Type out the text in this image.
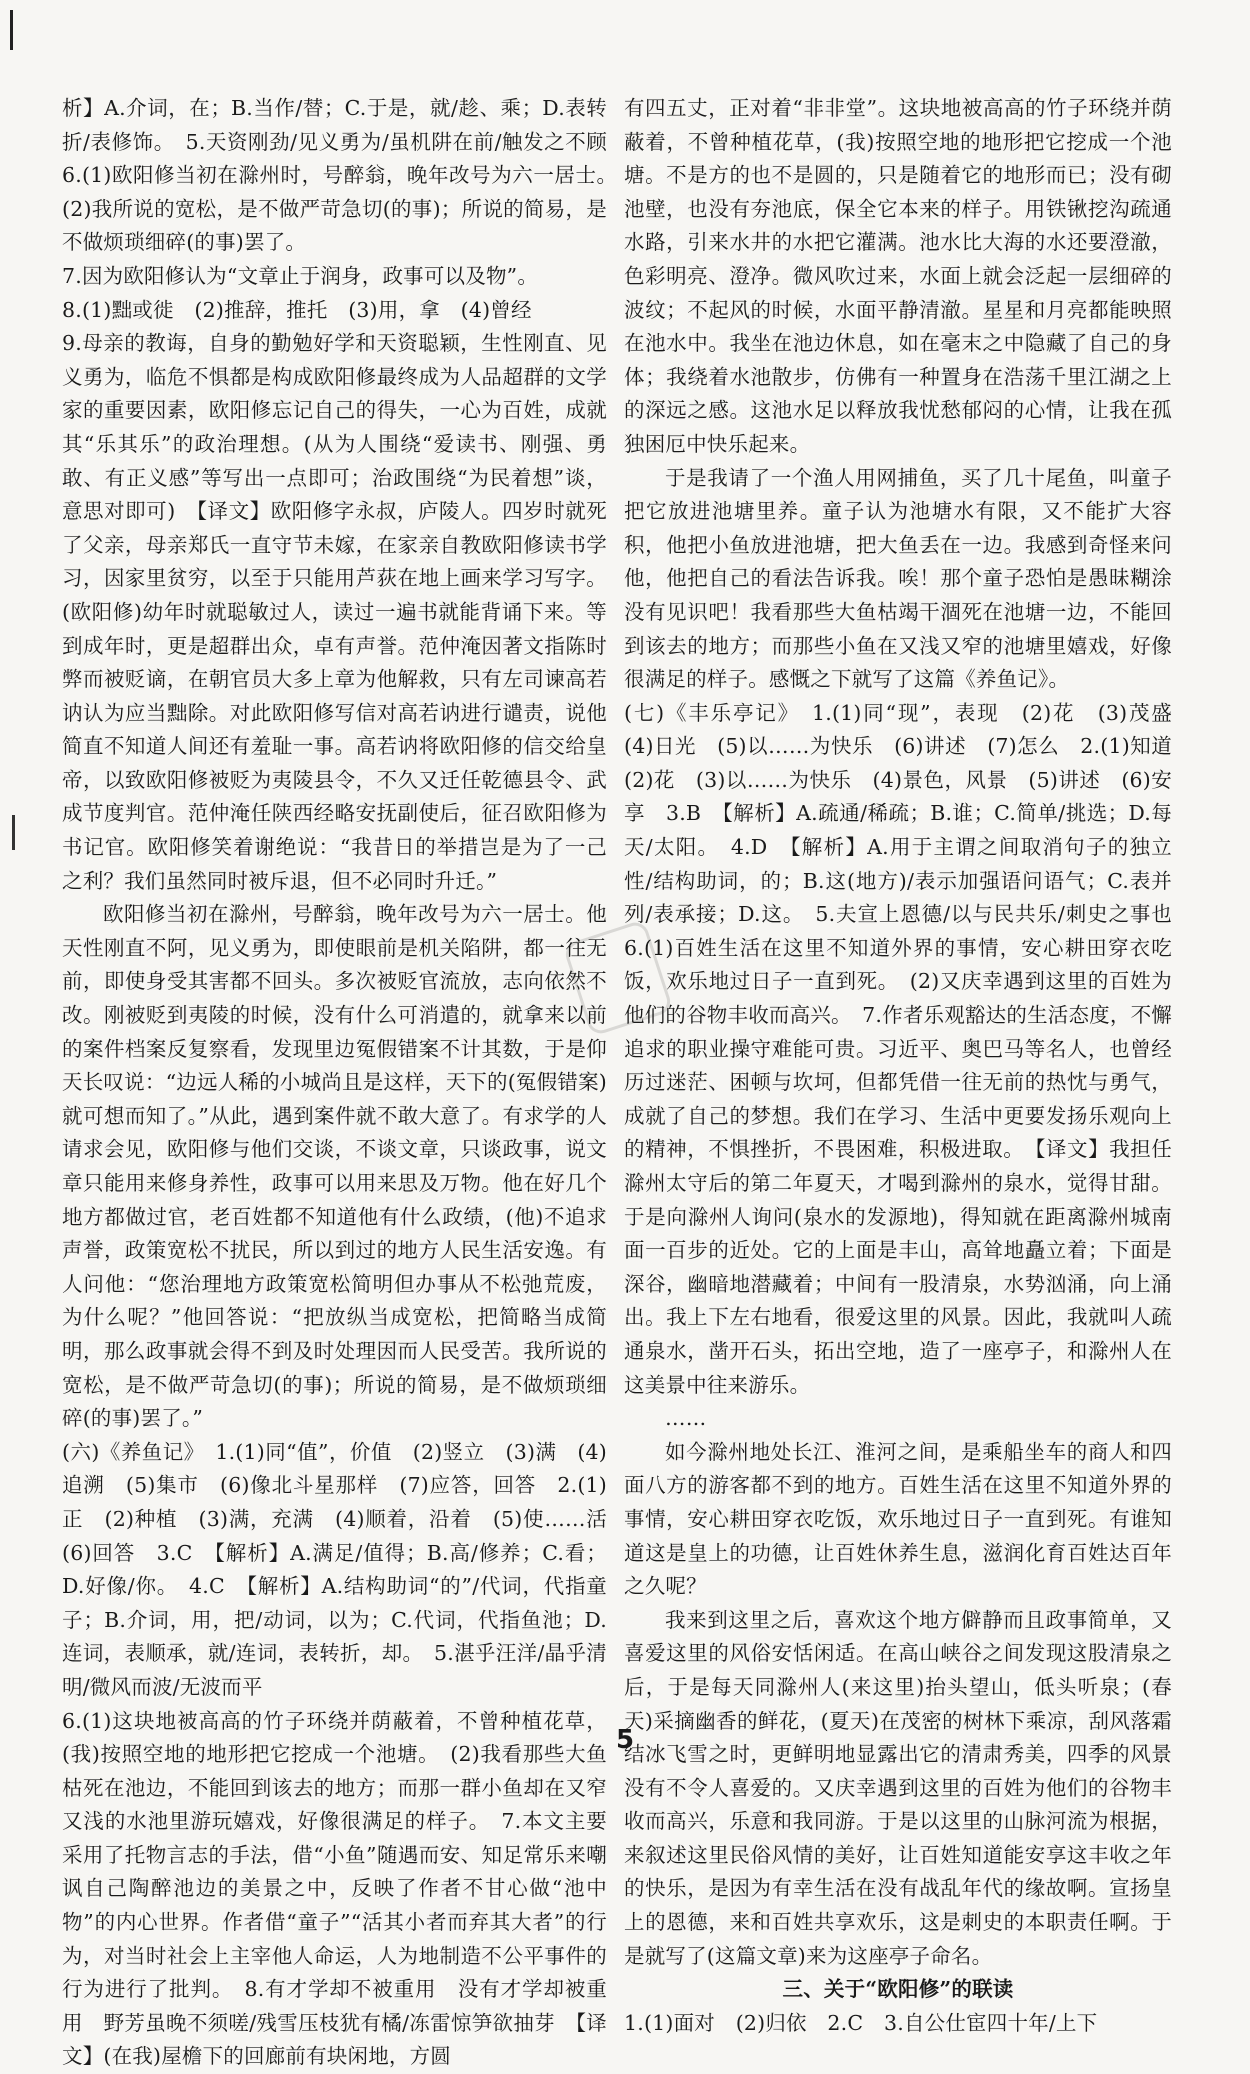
析】A.介词，在；B.当作/替；C.于是，就/趁、乘；D.表转折/表修饰。　5.天资刚劲/见义勇为/虽机阱在前/触发之不顾　6.(1)欧阳修当初在滁州时，号醉翁，晚年改号为六一居士。　(2)我所说的宽松，是不做严苛急切(的事)；所说的简易，是不做烦琐细碎(的事)罢了。

7.因为欧阳修认为“文章止于润身，政事可以及物”。

8.(1)黜或徙　(2)推辞，推托　(3)用，拿　(4)曾经

9.母亲的教诲，自身的勤勉好学和天资聪颖，生性刚直、见义勇为，临危不惧都是构成欧阳修最终成为人品超群的文学家的重要因素，欧阳修忘记自己的得失，一心为百姓，成就其“乐其乐”的政治理想。(从为人围绕“爱读书、刚强、勇敢、有正义感”等写出一点即可；治政围绕“为民着想”谈，意思对即可)　【译文】欧阳修字永叔，庐陵人。四岁时就死了父亲，母亲郑氏一直守节未嫁，在家亲自教欧阳修读书学习，因家里贫穷，以至于只能用芦荻在地上画来学习写字。(欧阳修)幼年时就聪敏过人，读过一遍书就能背诵下来。等到成年时，更是超群出众，卓有声誉。范仲淹因著文指陈时弊而被贬谪，在朝官员大多上章为他解救，只有左司谏高若讷认为应当黜除。对此欧阳修写信对高若讷进行谴责，说他简直不知道人间还有羞耻一事。高若讷将欧阳修的信交给皇帝，以致欧阳修被贬为夷陵县令，不久又迁任乾德县令、武成节度判官。范仲淹任陕西经略安抚副使后，征召欧阳修为书记官。欧阳修笑着谢绝说：“我昔日的举措岂是为了一己之利？我们虽然同时被斥退，但不必同时升迁。”

欧阳修当初在滁州，号醉翁，晚年改号为六一居士。他天性刚直不阿，见义勇为，即使眼前是机关陷阱，都一往无前，即使身受其害都不回头。多次被贬官流放，志向依然不改。刚被贬到夷陵的时候，没有什么可消遣的，就拿来以前的案件档案反复察看，发现里边冤假错案不计其数，于是仰天长叹说：“边远人稀的小城尚且是这样，天下的(冤假错案)就可想而知了。”从此，遇到案件就不敢大意了。有求学的人请求会见，欧阳修与他们交谈，不谈文章，只谈政事，说文章只能用来修身养性，政事可以用来思及万物。他在好几个地方都做过官，老百姓都不知道他有什么政绩，(他)不追求声誉，政策宽松不扰民，所以到过的地方人民生活安逸。有人问他：“您治理地方政策宽松简明但办事从不松弛荒废，为什么呢？”他回答说：“把放纵当成宽松，把简略当成简明，那么政事就会得不到及时处理因而人民受苦。我所说的宽松，是不做严苛急切(的事)；所说的简易，是不做烦琐细碎(的事)罢了。”

(六)《养鱼记》　1.(1)同“值”，价值　(2)竖立　(3)满　(4)追溯　(5)集市　(6)像北斗星那样　(7)应答，回答　2.(1)正　(2)种植　(3)满，充满　(4)顺着，沿着　(5)使……活　(6)回答　3.C　【解析】A.满足/值得；B.高/修养；C.看；D.好像/你。　4.C　【解析】A.结构助词“的”/代词，代指童子；B.介词，用，把/动词，以为；C.代词，代指鱼池；D.连词，表顺承，就/连词，表转折，却。　5.湛乎汪洋/晶乎清明/微风而波/无波而平

6.(1)这块地被高高的竹子环绕并荫蔽着，不曾种植花草，(我)按照空地的地形把它挖成一个池塘。　(2)我看那些大鱼枯死在池边，不能回到该去的地方；而那一群小鱼却在又窄又浅的水池里游玩嬉戏，好像很满足的样子。　7.本文主要采用了托物言志的手法，借“小鱼”随遇而安、知足常乐来嘲讽自己陶醉池边的美景之中，反映了作者不甘心做“池中物”的内心世界。作者借“童子”“活其小者而弃其大者”的行为，对当时社会上主宰他人命运，人为地制造不公平事件的行为进行了批判。　8.有才学却不被重用　没有才学却被重用　野芳虽晚不须嗟/残雪压枝犹有橘/冻雷惊笋欲抽芽　【译文】(在我)屋檐下的回廊前有块闲地，方圆

有四五丈，正对着“非非堂”。这块地被高高的竹子环绕并荫蔽着，不曾种植花草，(我)按照空地的地形把它挖成一个池塘。不是方的也不是圆的，只是随着它的地形而已；没有砌池壁，也没有夯池底，保全它本来的样子。用铁锹挖沟疏通水路，引来水井的水把它灌满。池水比大海的水还要澄澈，色彩明亮、澄净。微风吹过来，水面上就会泛起一层细碎的波纹；不起风的时候，水面平静清澈。星星和月亮都能映照在池水中。我坐在池边休息，如在毫末之中隐藏了自己的身体；我绕着水池散步，仿佛有一种置身在浩荡千里江湖之上的深远之感。这池水足以释放我忧愁郁闷的心情，让我在孤独困厄中快乐起来。

于是我请了一个渔人用网捕鱼，买了几十尾鱼，叫童子把它放进池塘里养。童子认为池塘水有限，又不能扩大容积，他把小鱼放进池塘，把大鱼丢在一边。我感到奇怪来问他，他把自己的看法告诉我。唉！那个童子恐怕是愚昧糊涂没有见识吧！我看那些大鱼枯竭干涸死在池塘一边，不能回到该去的地方；而那些小鱼在又浅又窄的池塘里嬉戏，好像很满足的样子。感慨之下就写了这篇《养鱼记》。

(七)《丰乐亭记》　1.(1)同“现”，表现　(2)花　(3)茂盛　(4)日光　(5)以……为快乐　(6)讲述　(7)怎么　2.(1)知道　(2)花　(3)以……为快乐　(4)景色，风景　(5)讲述　(6)安享　3.B　【解析】A.疏通/稀疏；B.谁；C.简单/挑选；D.每天/太阳。　4.D　【解析】A.用于主谓之间取消句子的独立性/结构助词，的；B.这(地方)/表示加强语问语气；C.表并列/表承接；D.这。　5.夫宣上恩德/以与民共乐/刺史之事也　6.(1)百姓生活在这里不知道外界的事情，安心耕田穿衣吃饭，欢乐地过日子一直到死。　(2)又庆幸遇到这里的百姓为他们的谷物丰收而高兴。　7.作者乐观豁达的生活态度，不懈追求的职业操守难能可贵。习近平、奥巴马等名人，也曾经历过迷茫、困顿与坎坷，但都凭借一往无前的热忱与勇气，成就了自己的梦想。我们在学习、生活中更要发扬乐观向上的精神，不惧挫折，不畏困难，积极进取。　【译文】我担任滁州太守后的第二年夏天，才喝到滁州的泉水，觉得甘甜。于是向滁州人询问(泉水的发源地)，得知就在距离滁州城南面一百步的近处。它的上面是丰山，高耸地矗立着；下面是深谷，幽暗地潜藏着；中间有一股清泉，水势汹涌，向上涌出。我上下左右地看，很爱这里的风景。因此，我就叫人疏通泉水，凿开石头，拓出空地，造了一座亭子，和滁州人在这美景中往来游乐。

……

如今滁州地处长江、淮河之间，是乘船坐车的商人和四面八方的游客都不到的地方。百姓生活在这里不知道外界的事情，安心耕田穿衣吃饭，欢乐地过日子一直到死。有谁知道这是皇上的功德，让百姓休养生息，滋润化育百姓达百年之久呢？

我来到这里之后，喜欢这个地方僻静而且政事简单，又喜爱这里的风俗安恬闲适。在高山峡谷之间发现这股清泉之后，于是每天同滁州人(来这里)抬头望山，低头听泉；(春天)采摘幽香的鲜花，(夏天)在茂密的树林下乘凉，刮风落霜结冰飞雪之时，更鲜明地显露出它的清肃秀美，四季的风景没有不令人喜爱的。又庆幸遇到这里的百姓为他们的谷物丰收而高兴，乐意和我同游。于是以这里的山脉河流为根据，来叙述这里民俗风情的美好，让百姓知道能安享这丰收之年的快乐，是因为有幸生活在没有战乱年代的缘故啊。宣扬皇上的恩德，来和百姓共享欢乐，这是刺史的本职责任啊。于是就写了(这篇文章)来为这座亭子命名。

三、关于“欧阳修”的联读

1.(1)面对　(2)归依　2.C　3.自公仕宦四十年/上下

5
